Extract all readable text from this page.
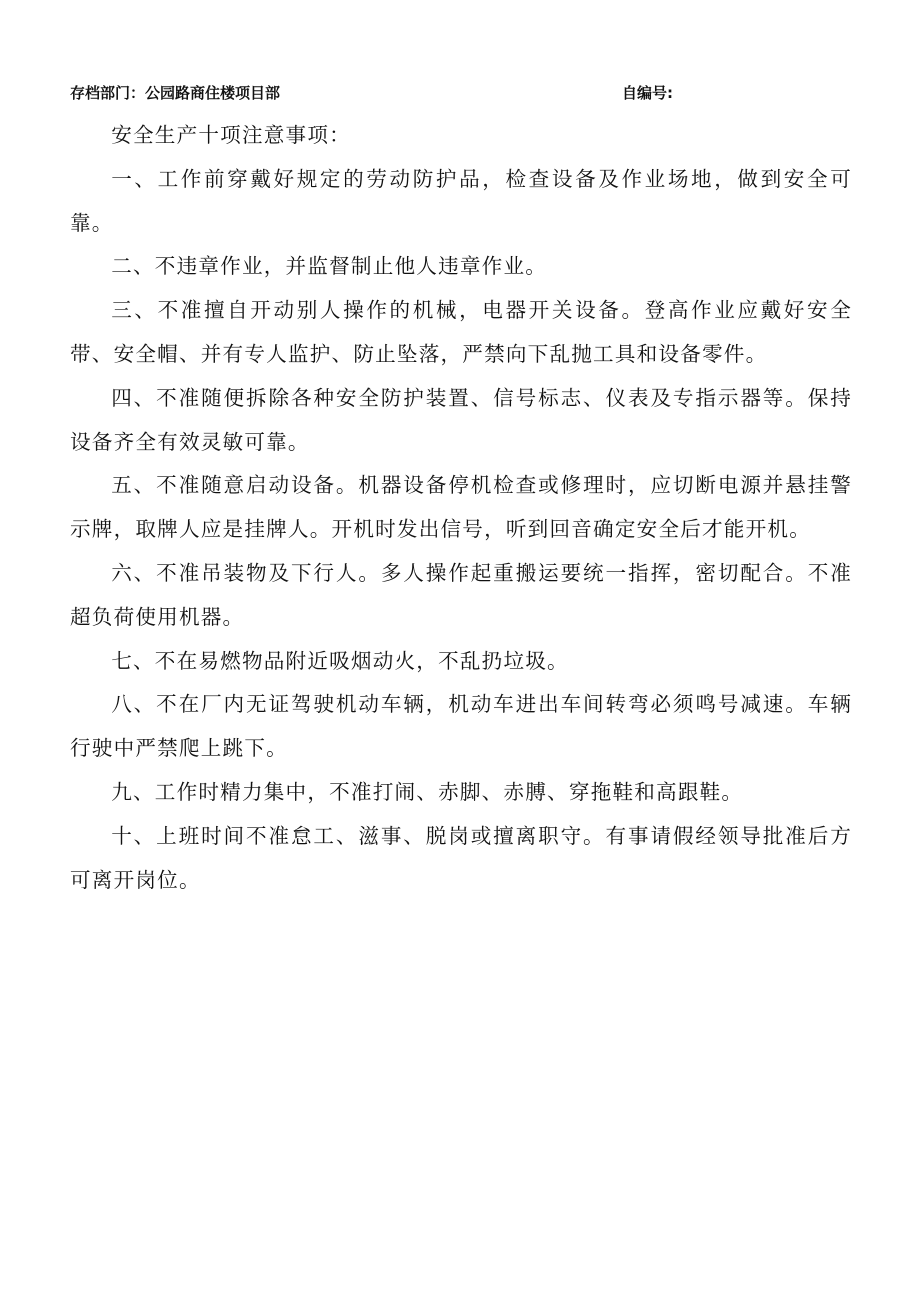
存档部门：公园路商住楼项目部	自编号:

安全生产十项注意事项：

一、工作前穿戴好规定的劳动防护品，检查设备及作业场地，做到安全可靠。

二、不违章作业，并监督制止他人违章作业。

三、不准擅自开动别人操作的机械，电器开关设备。登高作业应戴好安全带、安全帽、并有专人监护、防止坠落，严禁向下乱抛工具和设备零件。

四、不准随便拆除各种安全防护装置、信号标志、仪表及专指示器等。保持设备齐全有效灵敏可靠。

五、不准随意启动设备。机器设备停机检查或修理时，应切断电源并悬挂警示牌，取牌人应是挂牌人。开机时发出信号，听到回音确定安全后才能开机。

六、不准吊装物及下行人。多人操作起重搬运要统一指挥，密切配合。不准超负荷使用机器。

七、不在易燃物品附近吸烟动火，不乱扔垃圾。

八、不在厂内无证驾驶机动车辆，机动车进出车间转弯必须鸣号减速。车辆行驶中严禁爬上跳下。

九、工作时精力集中，不准打闹、赤脚、赤膊、穿拖鞋和高跟鞋。

十、上班时间不准怠工、滋事、脱岗或擅离职守。有事请假经领导批准后方可离开岗位。
